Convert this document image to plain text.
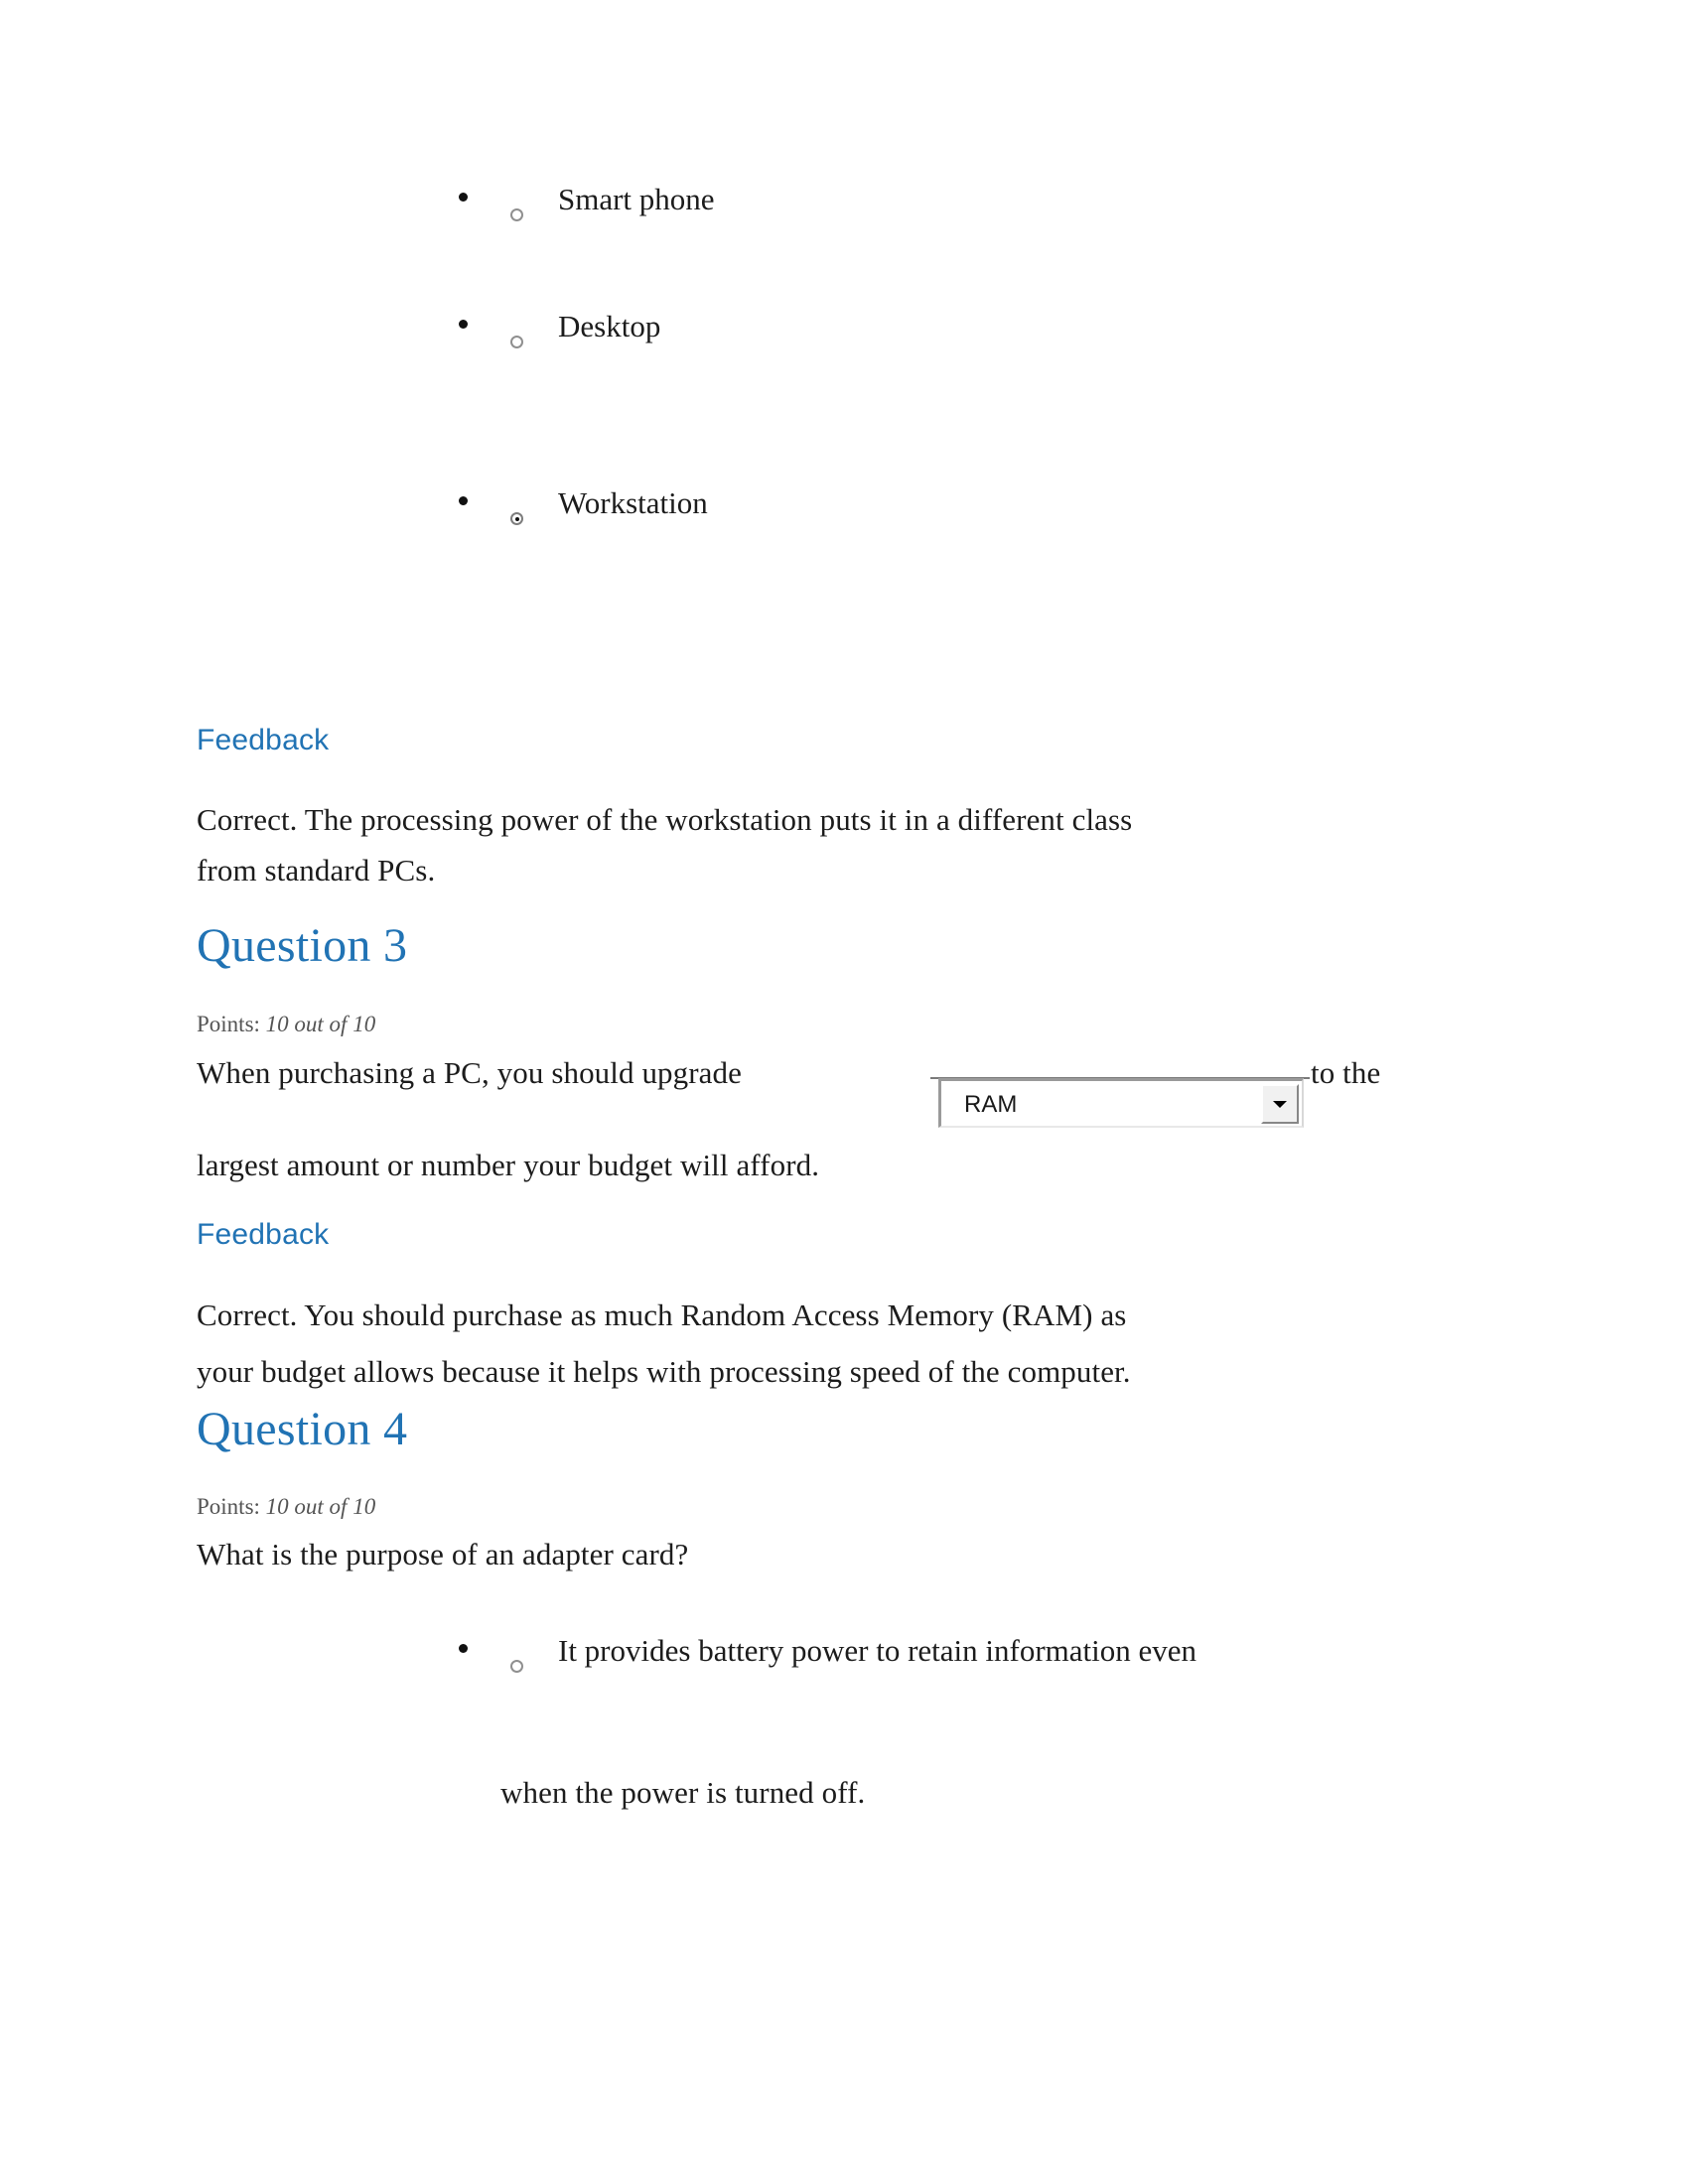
Smart phone
Desktop
Workstation
Feedback
Correct. The processing power of the workstation puts it in a different class
from standard PCs.
Question 3
Points: 10 out of 10
When purchasing a PC, you should upgrade
RAM
to the
largest amount or number your budget will afford.
Feedback
Correct. You should purchase as much Random Access Memory (RAM) as
your budget allows because it helps with processing speed of the computer.
Question 4
Points: 10 out of 10
What is the purpose of an adapter card?
It provides battery power to retain information even
when the power is turned off.
